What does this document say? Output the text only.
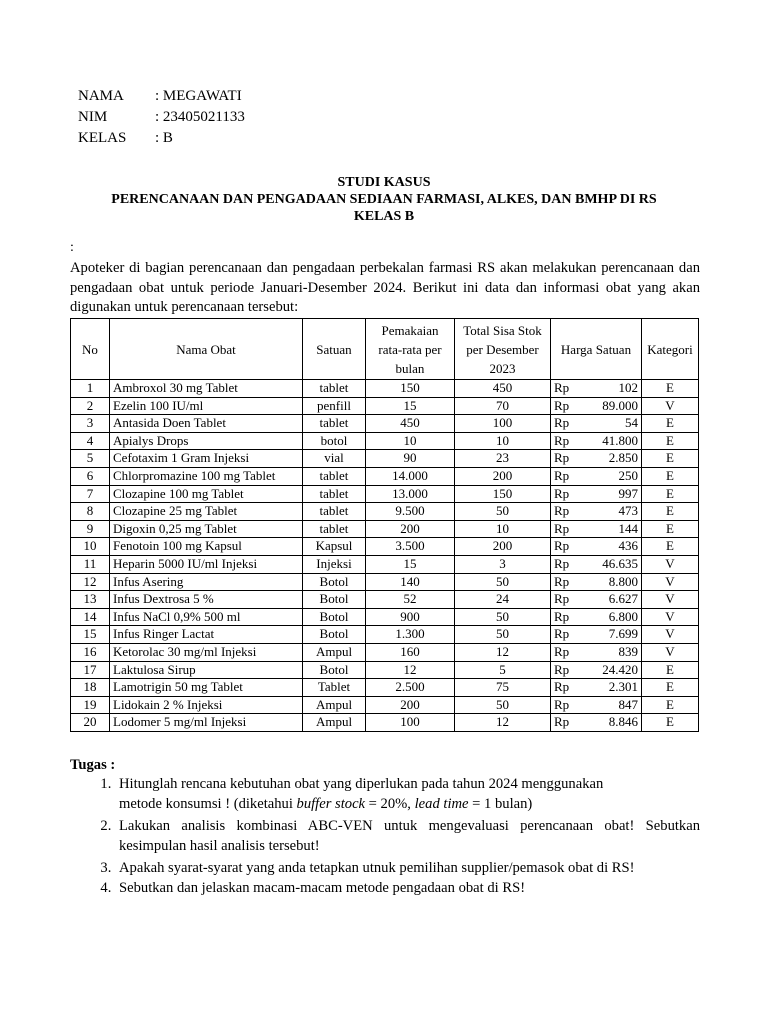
NAMA	: MEGAWATI
NIM	: 23405021133
KELAS	: B
STUDI KASUS
PERENCANAAN DAN PENGADAAN SEDIAAN FARMASI, ALKES, DAN BMHP DI RS
KELAS B
:
Apoteker di bagian perencanaan dan pengadaan perbekalan farmasi RS akan melakukan perencanaan dan pengadaan obat untuk periode Januari-Desember 2024. Berikut ini data dan informasi obat yang akan digunakan untuk perencanaan tersebut:
No	Nama Obat	Satuan	Pemakaian rata-rata per bulan	Total Sisa Stok per Desember 2023	Harga Satuan	Kategori
1	Ambroxol 30 mg Tablet	tablet	150	450	Rp 102	E
2	Ezelin 100 IU/ml	penfill	15	70	Rp 89.000	V
3	Antasida Doen Tablet	tablet	450	100	Rp 54	E
4	Apialys Drops	botol	10	10	Rp 41.800	E
5	Cefotaxim 1 Gram Injeksi	vial	90	23	Rp 2.850	E
6	Chlorpromazine 100 mg Tablet	tablet	14.000	200	Rp 250	E
7	Clozapine 100 mg Tablet	tablet	13.000	150	Rp 997	E
8	Clozapine 25 mg Tablet	tablet	9.500	50	Rp 473	E
9	Digoxin 0,25 mg Tablet	tablet	200	10	Rp 144	E
10	Fenotoin 100 mg Kapsul	Kapsul	3.500	200	Rp 436	E
11	Heparin 5000 IU/ml Injeksi	Injeksi	15	3	Rp 46.635	V
12	Infus Asering	Botol	140	50	Rp 8.800	V
13	Infus Dextrosa 5 %	Botol	52	24	Rp 6.627	V
14	Infus NaCl 0,9% 500 ml	Botol	900	50	Rp 6.800	V
15	Infus Ringer Lactat	Botol	1.300	50	Rp 7.699	V
16	Ketorolac 30 mg/ml Injeksi	Ampul	160	12	Rp 839	V
17	Laktulosa Sirup	Botol	12	5	Rp 24.420	E
18	Lamotrigin 50 mg Tablet	Tablet	2.500	75	Rp 2.301	E
19	Lidokain 2 % Injeksi	Ampul	200	50	Rp 847	E
20	Lodomer 5 mg/ml Injeksi	Ampul	100	12	Rp 8.846	E
Tugas :
1. Hitunglah rencana kebutuhan obat yang diperlukan pada tahun 2024 menggunakan
metode konsumsi ! (diketahui buffer stock = 20%, lead time = 1 bulan)
2. Lakukan analisis kombinasi ABC-VEN untuk mengevaluasi perencanaan obat! Sebutkan kesimpulan hasil analisis tersebut!
3. Apakah syarat-syarat yang anda tetapkan utnuk pemilihan supplier/pemasok obat di RS!
4. Sebutkan dan jelaskan macam-macam metode pengadaan obat di RS!
